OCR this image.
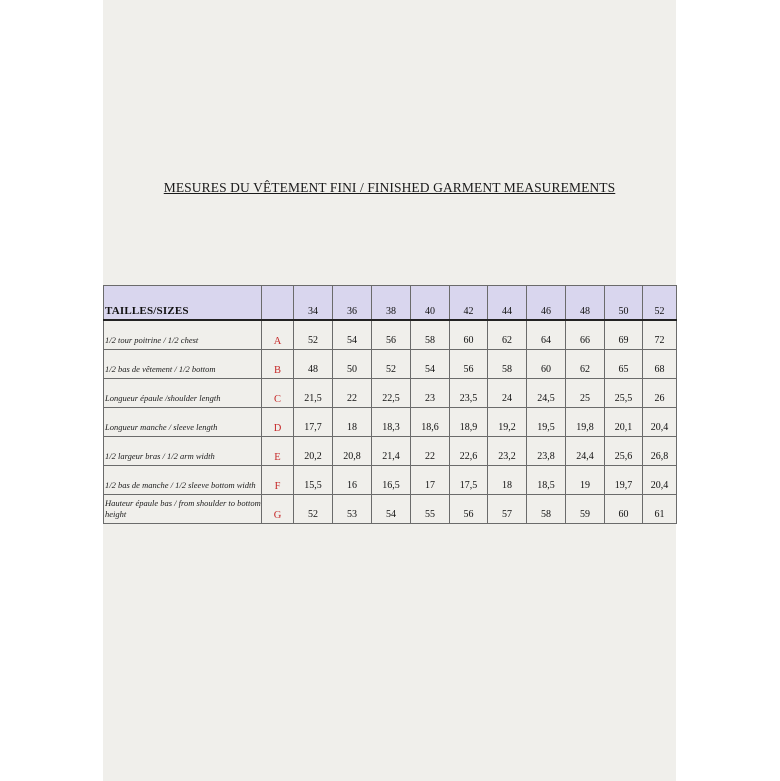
MESURES DU VÊTEMENT FINI / FINISHED GARMENT MEASUREMENTS
TAILLES/SIZES		34	36	38	40	42	44	46	48	50	52
1/2 tour poitrine / 1/2 chest	A	52	54	56	58	60	62	64	66	69	72
1/2 bas de vêtement / 1/2 bottom	B	48	50	52	54	56	58	60	62	65	68
Longueur épaule /shoulder length	C	21,5	22	22,5	23	23,5	24	24,5	25	25,5	26
Longueur manche / sleeve length	D	17,7	18	18,3	18,6	18,9	19,2	19,5	19,8	20,1	20,4
1/2 largeur bras / 1/2 arm width	E	20,2	20,8	21,4	22	22,6	23,2	23,8	24,4	25,6	26,8
1/2 bas de manche / 1/2 sleeve bottom width	F	15,5	16	16,5	17	17,5	18	18,5	19	19,7	20,4
Hauteur épaule bas / from shoulder to bottom height	G	52	53	54	55	56	57	58	59	60	61
